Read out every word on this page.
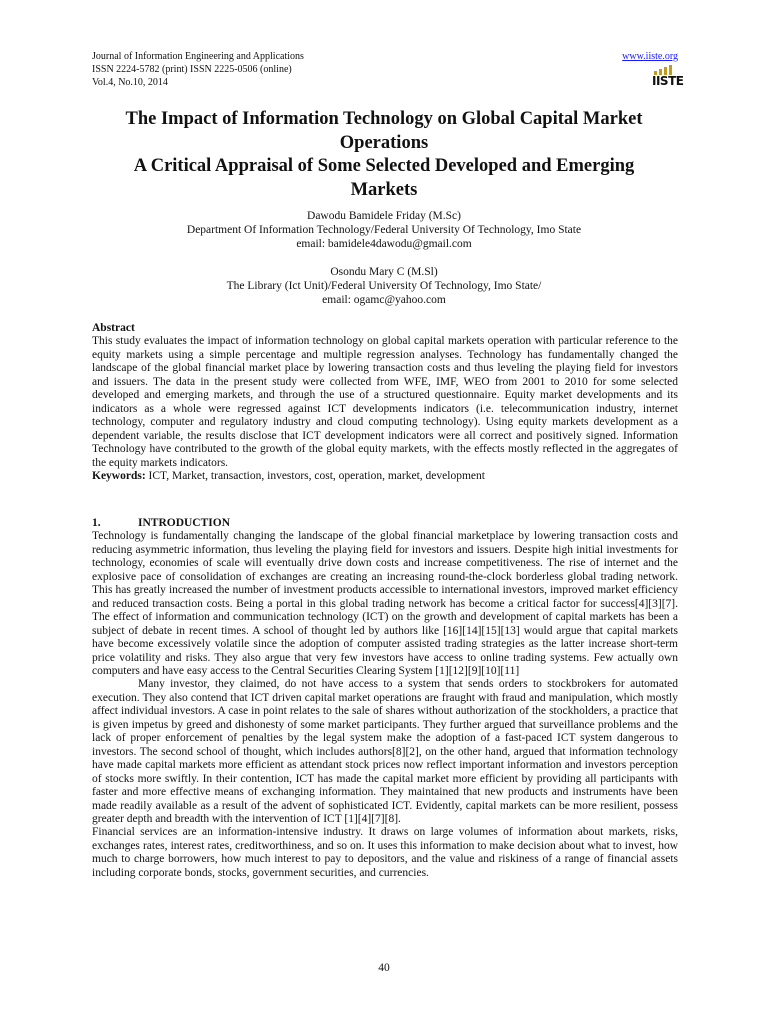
Journal of Information Engineering and Applications
ISSN 2224-5782 (print) ISSN 2225-0506 (online)
Vol.4, No.10, 2014
www.iiste.org
IISTE
The Impact of Information Technology on Global Capital Market
Operations
A Critical Appraisal of Some Selected Developed and Emerging
Markets
Dawodu Bamidele Friday (M.Sc)
Department Of Information Technology/Federal University Of Technology, Imo State
email: bamidele4dawodu@gmail.com
Osondu Mary C (M.Sl)
The Library (Ict Unit)/Federal University Of Technology, Imo State/
email: ogamc@yahoo.com
Abstract

This study evaluates the impact of information technology on global capital markets operation with particular reference to the equity markets using a simple percentage and multiple regression analyses. Technology has fundamentally changed the landscape of the global financial market place by lowering transaction costs and thus leveling the playing field for investors and issuers. The data in the present study were collected from WFE, IMF, WEO from 2001 to 2010 for some selected developed and emerging markets, and through the use of a structured questionnaire. Equity market developments and its indicators as a whole were regressed against ICT developments indicators (i.e. telecommunication industry, internet technology, computer and regulatory industry and cloud computing technology). Using equity markets development as a dependent variable, the results disclose that ICT development indicators were all correct and positively signed. Information Technology have contributed to the growth of the global equity markets, with the effects mostly reflected in the aggregates of the equity markets indicators.

Keywords: ICT, Market, transaction, investors, cost, operation, market, development

1.	INTRODUCTION

Technology is fundamentally changing the landscape of the global financial marketplace by lowering transaction costs and reducing asymmetric information, thus leveling the playing field for investors and issuers. Despite high initial investments for technology, economies of scale will eventually drive down costs and increase competitiveness. The rise of internet and the explosive pace of consolidation of exchanges are creating an increasing round-the-clock borderless global trading network. This has greatly increased the number of investment products accessible to international investors, improved market efficiency and reduced transaction costs. Being a portal in this global trading network has become a critical factor for success[4][3][7]. The effect of information and communication technology (ICT) on the growth and development of capital markets has been a subject of debate in recent times. A school of thought led by authors like [16][14][15][13] would argue that capital markets have become excessively volatile since the adoption of computer assisted trading strategies as the latter increase short-term price volatility and risks. They also argue that very few investors have access to online trading systems. Few actually own computers and have easy access to the Central Securities Clearing System [1][12][9][10][11]

Many investor, they claimed, do not have access to a system that sends orders to stockbrokers for automated execution. They also contend that ICT driven capital market operations are fraught with fraud and manipulation, which mostly affect individual investors. A case in point relates to the sale of shares without authorization of the stockholders, a practice that is given impetus by greed and dishonesty of some market participants. They further argued that surveillance problems and the lack of proper enforcement of penalties by the legal system make the adoption of a fast-paced ICT system dangerous to investors. The second school of thought, which includes authors[8][2], on the other hand, argued that information technology have made capital markets more efficient as attendant stock prices now reflect important information and investors perception of stocks more swiftly. In their contention, ICT has made the capital market more efficient by providing all participants with faster and more effective means of exchanging information. They maintained that new products and instruments have been made readily available as a result of the advent of sophisticated ICT. Evidently, capital markets can be more resilient, possess greater depth and breadth with the intervention of ICT [1][4][7][8].

Financial services are an information-intensive industry. It draws on large volumes of information about markets, risks, exchanges rates, interest rates, creditworthiness, and so on. It uses this information to make decision about what to invest, how much to charge borrowers, how much interest to pay to depositors, and the value and riskiness of a range of financial assets including corporate bonds, stocks, government securities, and currencies.

40
